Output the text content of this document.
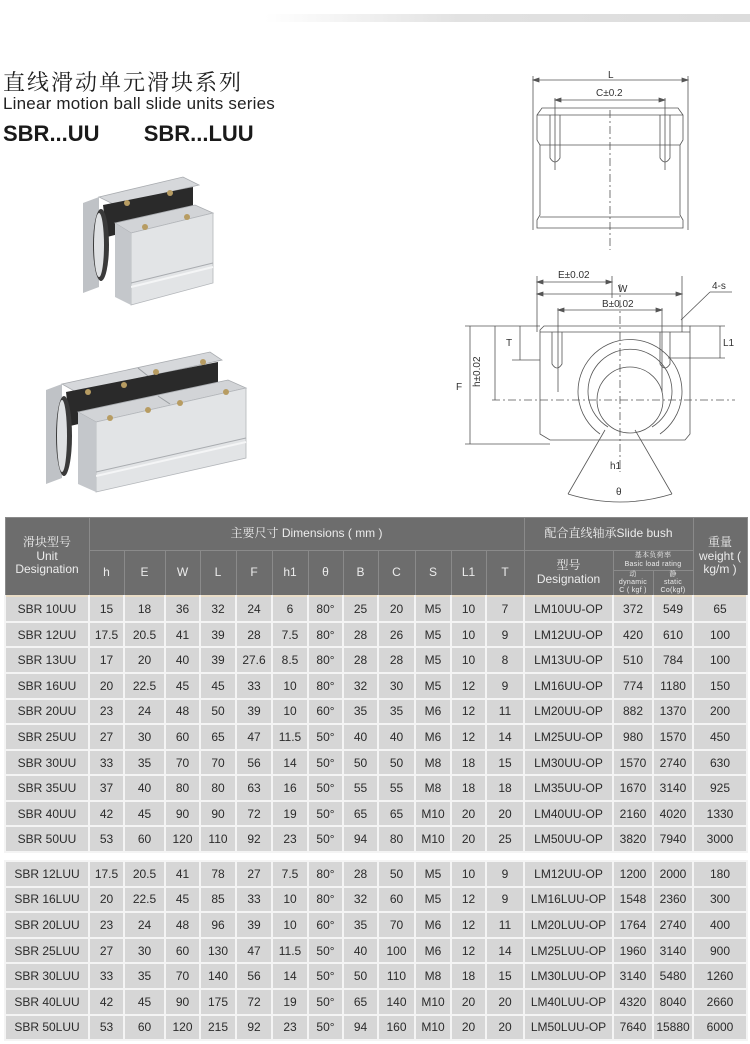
直线滑动单元滑块系列
Linear motion ball slide units series
SBR...UU SBR...LUU
L
C±0.2
E±0.02
W
B±0.02
4-s
T	L1
h±0.02
F
h1
θ
滑块型号
Unit Designation
	主要尺寸 Dimensions ( mm )	配合直线轴承Slide bush	
重量
weight ( kg/m )

h	E	W	L	F	h1	θ	B	C	S	L1	T	型号
Designation

基本负荷率
Basic load rating

动
dynamic
C ( kgf )

静
static
Co(kgf)

SBR 10UU	15	18	36	32	24	6	80°	25	20	M5	10	7	LM10UU-OP	372	549	65
SBR 12UU	17.5	20.5	41	39	28	7.5	80°	28	26	M5	10	9	LM12UU-OP	420	610	100
SBR 13UU	17	20	40	39	27.6	8.5	80°	28	28	M5	10	8	LM13UU-OP	510	784	100
SBR 16UU	20	22.5	45	45	33	10	80°	32	30	M5	12	9	LM16UU-OP	774	1180	150
SBR 20UU	23	24	48	50	39	10	60°	35	35	M6	12	11	LM20UU-OP	882	1370	200
SBR 25UU	27	30	60	65	47	11.5	50°	40	40	M6	12	14	LM25UU-OP	980	1570	450
SBR 30UU	33	35	70	70	56	14	50°	50	50	M8	18	15	LM30UU-OP	1570	2740	630
SBR 35UU	37	40	80	80	63	16	50°	55	55	M8	18	18	LM35UU-OP	1670	3140	925
SBR 40UU	42	45	90	90	72	19	50°	65	65	M10	20	20	LM40UU-OP	2160	4020	1330
SBR 50UU	53	60	120	110	92	23	50°	94	80	M10	20	25	LM50UU-OP	3820	7940	3000

SBR 12LUU	17.5	20.5	41	78	27	7.5	80°	28	50	M5	10	9	LM12UU-OP	1200	2000	180
SBR 16LUU	20	22.5	45	85	33	10	80°	32	60	M5	12	9	LM16LUU-OP	1548	2360	300
SBR 20LUU	23	24	48	96	39	10	60°	35	70	M6	12	11	LM20LUU-OP	1764	2740	400
SBR 25LUU	27	30	60	130	47	11.5	50°	40	100	M6	12	14	LM25LUU-OP	1960	3140	900
SBR 30LUU	33	35	70	140	56	14	50°	50	110	M8	18	15	LM30LUU-OP	3140	5480	1260
SBR 40LUU	42	45	90	175	72	19	50°	65	140	M10	20	20	LM40LUU-OP	4320	8040	2660
SBR 50LUU	53	60	120	215	92	23	50°	94	160	M10	20	20	LM50LUU-OP	7640	15880	6000
